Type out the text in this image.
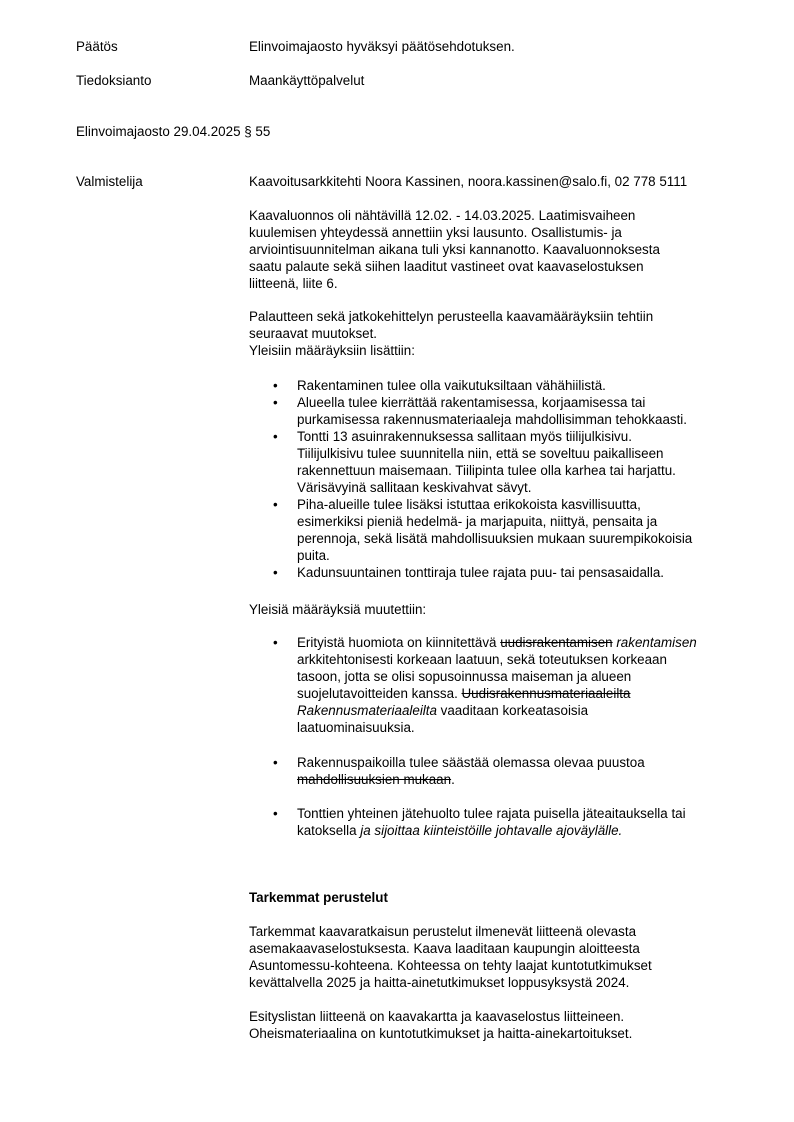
Päätös	Elinvoimajaosto hyväksyi päätösehdotuksen.
Tiedoksianto	Maankäyttöpalvelut
Elinvoimajaosto 29.04.2025 § 55
Valmistelija	Kaavoitusarkkitehti Noora Kassinen, noora.kassinen@salo.fi, 02 778 5111

Kaavaluonnos oli nähtävillä 12.02. - 14.03.2025. Laatimisvaiheen

kuulemisen yhteydessä annettiin yksi lausunto. Osallistumis- ja

arviointisuunnitelman aikana tuli yksi kannanotto. Kaavaluonnoksesta

saatu palaute sekä siihen laaditut vastineet ovat kaavaselostuksen

liitteenä, liite 6.

Palautteen sekä jatkokehittelyn perusteella kaavamääräyksiin tehtiin

seuraavat muutokset.

Yleisiin määräyksiin lisättiin:

• Rakentaminen tulee olla vaikutuksiltaan vähähiilistä.
• Alueella tulee kierrättää rakentamisessa, korjaamisessa tai
purkamisessa rakennusmateriaaleja mahdollisimman tehokkaasti.
• Tontti 13 asuinrakennuksessa sallitaan myös tiilijulkisivu.
Tiilijulkisivu tulee suunnitella niin, että se soveltuu paikalliseen
rakennettuun maisemaan. Tiilipinta tulee olla karhea tai harjattu.
Värisävyinä sallitaan keskivahvat sävyt.
• Piha-alueille tulee lisäksi istuttaa erikokoista kasvillisuutta,
esimerkiksi pieniä hedelmä- ja marjapuita, niittyä, pensaita ja
perennoja, sekä lisätä mahdollisuuksien mukaan suurempikokoisia
puita.
• Kadunsuuntainen tonttiraja tulee rajata puu- tai pensasaidalla.

Yleisiä määräyksiä muutettiin:

• Erityistä huomiota on kiinnitettävä uudisrakentamisen rakentamisen
arkkitehtonisesti korkeaan laatuun, sekä toteutuksen korkeaan
tasoon, jotta se olisi sopusoinnussa maiseman ja alueen
suojelutavoitteiden kanssa. Uudisrakennusmateriaaleilta
Rakennusmateriaaleilta vaaditaan korkeatasoisia
laatuominaisuuksia.
• Rakennuspaikoilla tulee säästää olemassa olevaa puustoa
mahdollisuuksien mukaan.
• Tonttien yhteinen jätehuolto tulee rajata puisella jäteaitauksella tai
katoksella ja sijoittaa kiinteistöille johtavalle ajoväylälle.

Tarkemmat perustelut

Tarkemmat kaavaratkaisun perustelut ilmenevät liitteenä olevasta

asemakaavaselostuksesta. Kaava laaditaan kaupungin aloitteesta

Asuntomessu-kohteena. Kohteessa on tehty laajat kuntotutkimukset

kevättalvella 2025 ja haitta-ainetutkimukset loppusyksystä 2024.

Esityslistan liitteenä on kaavakartta ja kaavaselostus liitteineen.

Oheismateriaalina on kuntotutkimukset ja haitta-ainekartoitukset.
